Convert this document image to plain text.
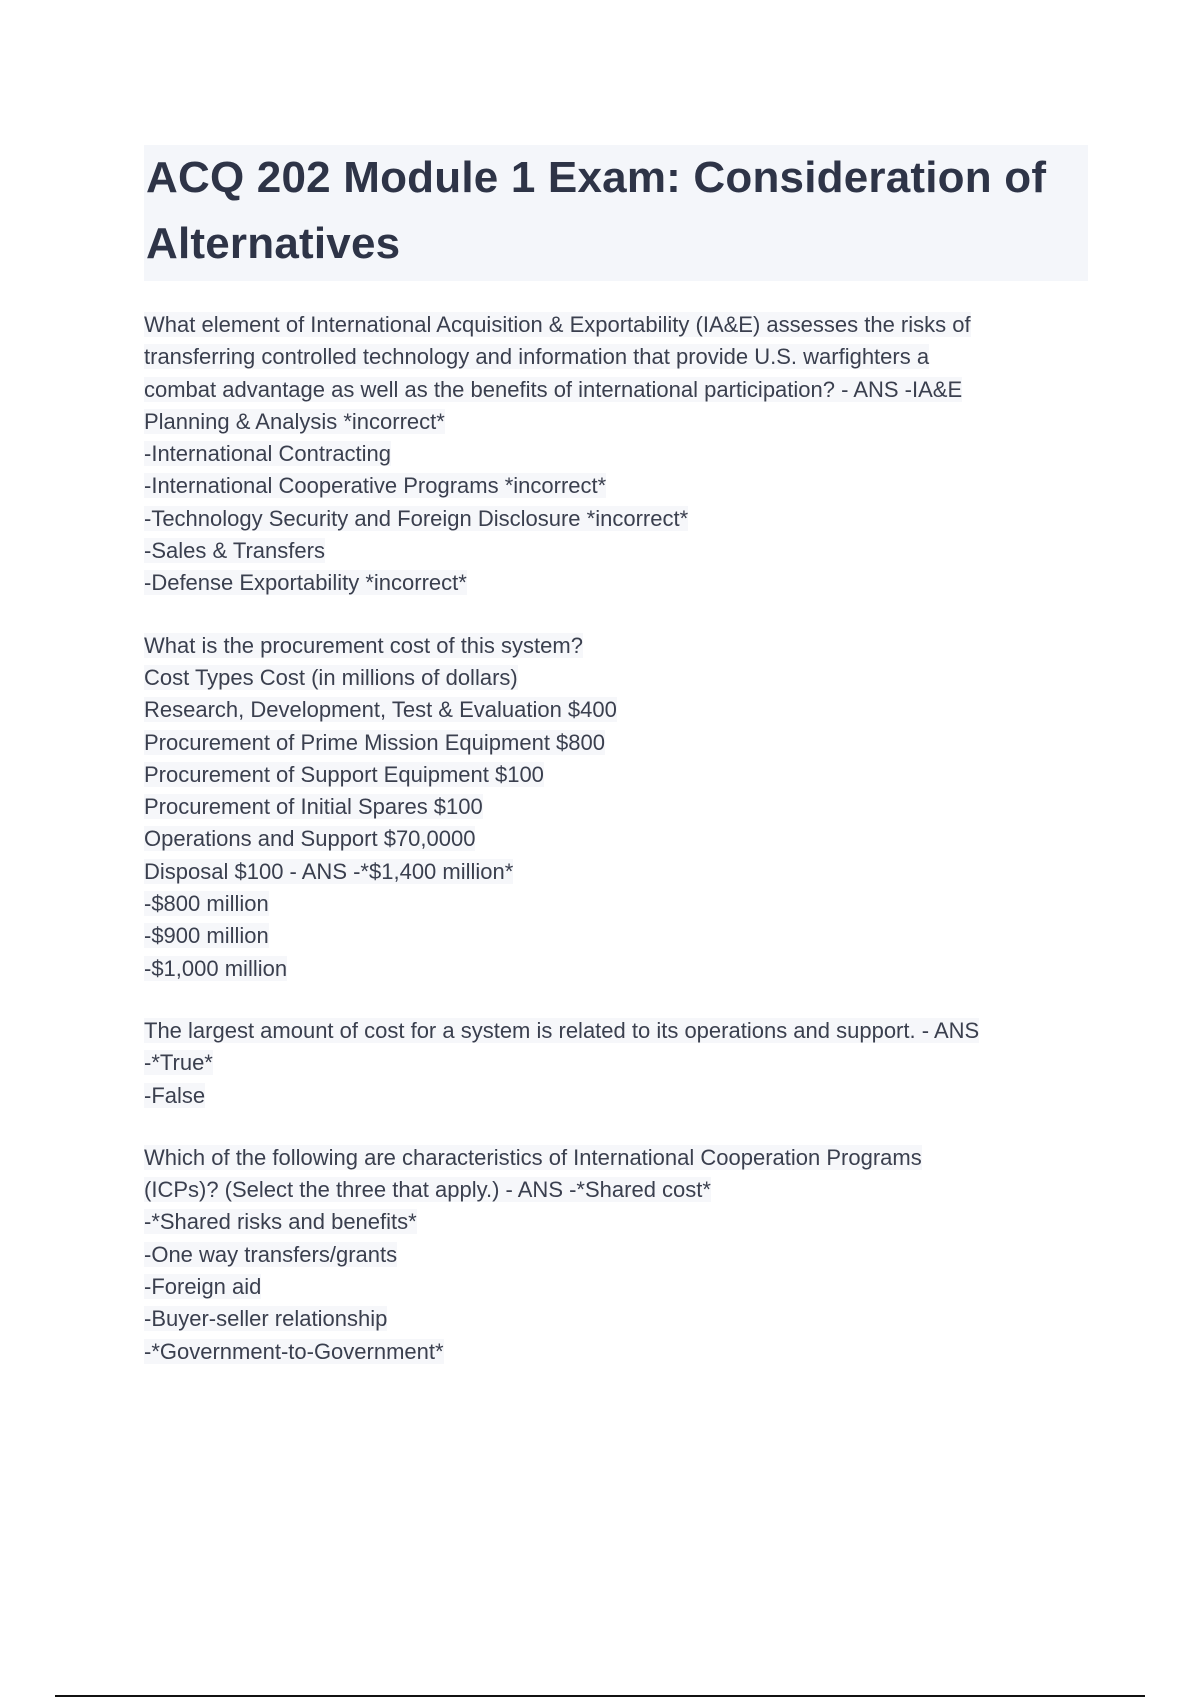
ACQ 202 Module 1 Exam: Consideration of
Alternatives
What element of International Acquisition & Exportability (IA&E) assesses the risks of
transferring controlled technology and information that provide U.S. warfighters a
combat advantage as well as the benefits of international participation? - ANS -IA&E
Planning & Analysis *incorrect*
-International Contracting
-International Cooperative Programs *incorrect*
-Technology Security and Foreign Disclosure *incorrect*
-Sales & Transfers
-Defense Exportability *incorrect*
What is the procurement cost of this system?
Cost Types Cost (in millions of dollars)
Research, Development, Test & Evaluation $400
Procurement of Prime Mission Equipment $800
Procurement of Support Equipment $100
Procurement of Initial Spares $100
Operations and Support $70,0000
Disposal $100 - ANS -*$1,400 million*
-$800 million
-$900 million
-$1,000 million
The largest amount of cost for a system is related to its operations and support. - ANS
-*True*
-False
Which of the following are characteristics of International Cooperation Programs
(ICPs)? (Select the three that apply.) - ANS -*Shared cost*
-*Shared risks and benefits*
-One way transfers/grants
-Foreign aid
-Buyer-seller relationship
-*Government-to-Government*
